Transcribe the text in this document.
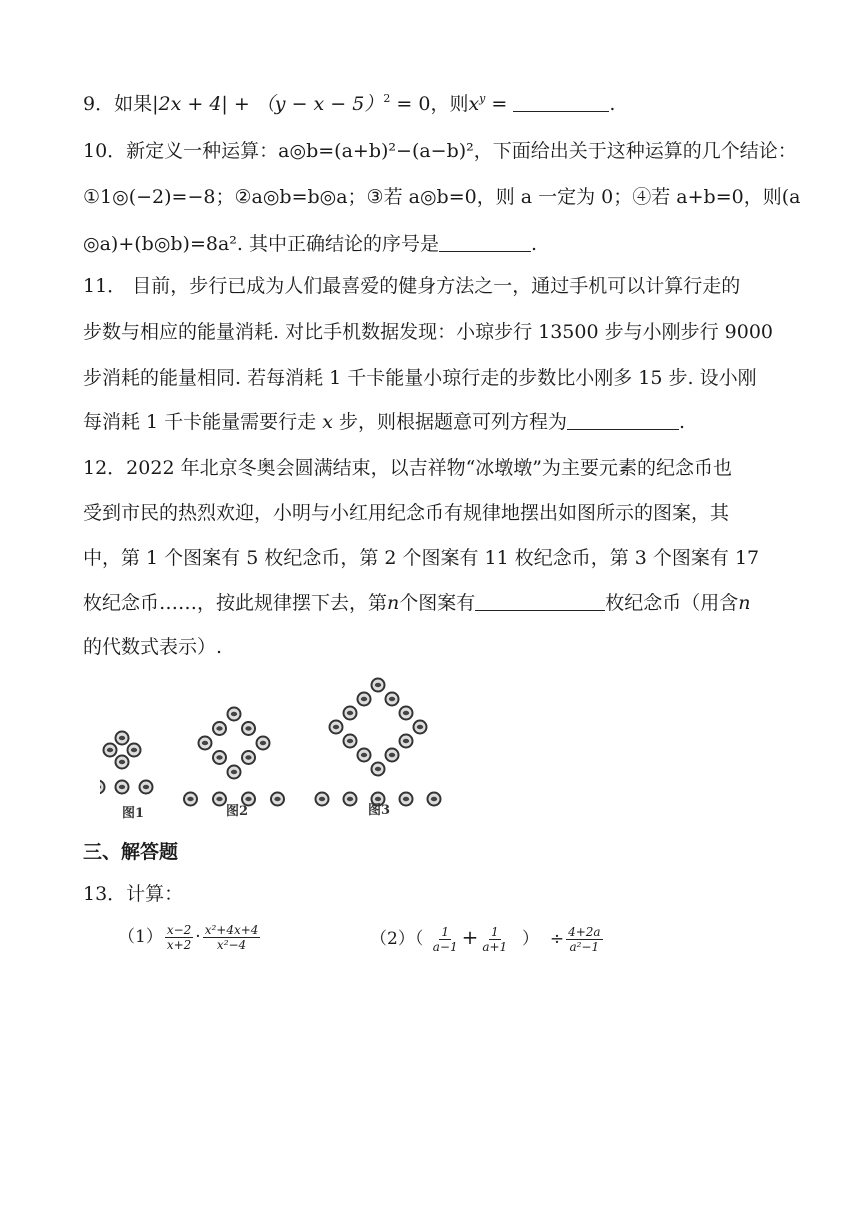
9．如果$|2x + 4| + (y - x - 5)^2 = 0$，则$x^y$ =	.
10．新定义一种运算：a◎b=(a+b)²−(a−b)²，下面给出关于这种运算的几个结论：
①1◎(−2)=−8；②a◎b=b◎a；③若 a◎b=0，则 a 一定为 0；④若 a+b=0，则(a
◎a)+(b◎b)=8a². 其中正确结论的序号是	.
11． 目前，步行已成为人们最喜爱的健身方法之一，通过手机可以计算行走的
步数与相应的能量消耗. 对比手机数据发现：小琼步行 13500 步与小刚步行 9000
步消耗的能量相同. 若每消耗 1 千卡能量小琼行走的步数比小刚多 15 步. 设小刚
每消耗 1 千卡能量需要行走 x 步，则根据题意可列方程为	.
12．2022 年北京冬奥会圆满结束，以吉祥物“冰墩墩”为主要元素的纪念币也
受到市民的热烈欢迎，小明与小红用纪念币有规律地摆出如图所示的图案，其
中，第 1 个图案有 5 枚纪念币，第 2 个图案有 11 枚纪念币，第 3 个图案有 17
枚纪念币……，按此规律摆下去，第n个图案有	枚纪念币（用含n
的代数式表示）.
图1	图2	图3
三、解答题
13．计算：
$(1) \frac{x-2}{x+2} \cdot \frac{\text{x²+4x+4}}{\text{x²−4}}$	$(2)( \frac{1}{a-1} + \frac{1}{a+1}$ ） ÷ $\frac{4+2a}{\text{a²−1}}$
